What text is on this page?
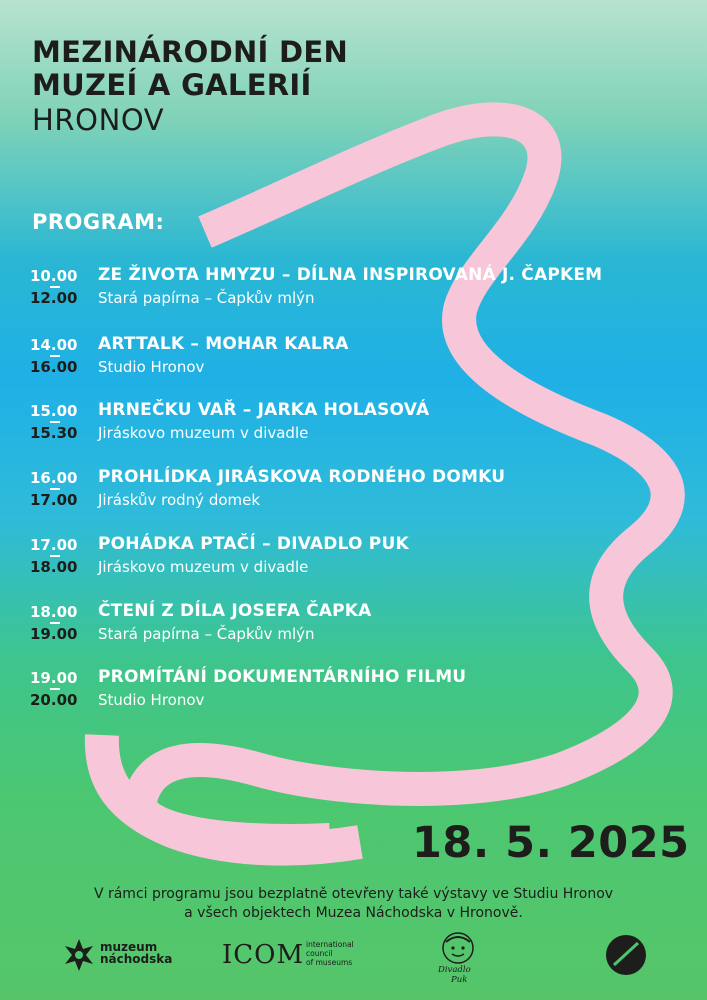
MEZINÁRODNÍ DEN
MUZEÍ A GALERIÍ
HRONOV
PROGRAM:
10.00
12.00
ZE ŽIVOTA HMYZU – DÍLNA INSPIROVANÁ J. ČAPKEM
Stará papírna – Čapkův mlýn
14.00
16.00
ARTTALK – MOHAR KALRA
Studio Hronov
15.00
15.30
HRNEČKU VAŘ – JARKA HOLASOVÁ
Jiráskovo muzeum v divadle
16.00
17.00
PROHLÍDKA JIRÁSKOVA RODNÉHO DOMKU
Jiráskův rodný domek
17.00
18.00
POHÁDKA PTAČÍ – DIVADLO PUK
Jiráskovo muzeum v divadle
18.00
19.00
ČTENÍ Z DÍLA JOSEFA ČAPKA
Stará papírna – Čapkův mlýn
19.00
20.00
PROMÍTÁNÍ DOKUMENTÁRNÍHO FILMU
Studio Hronov
18. 5. 2025
V rámci programu jsou bezplatně otevřeny také výstavy ve Studiu Hronov
a všech objektech Muzea Náchodska v Hronově.
muzeum
náchodska ICOM international
council
of museums
Divadlo
Puk
